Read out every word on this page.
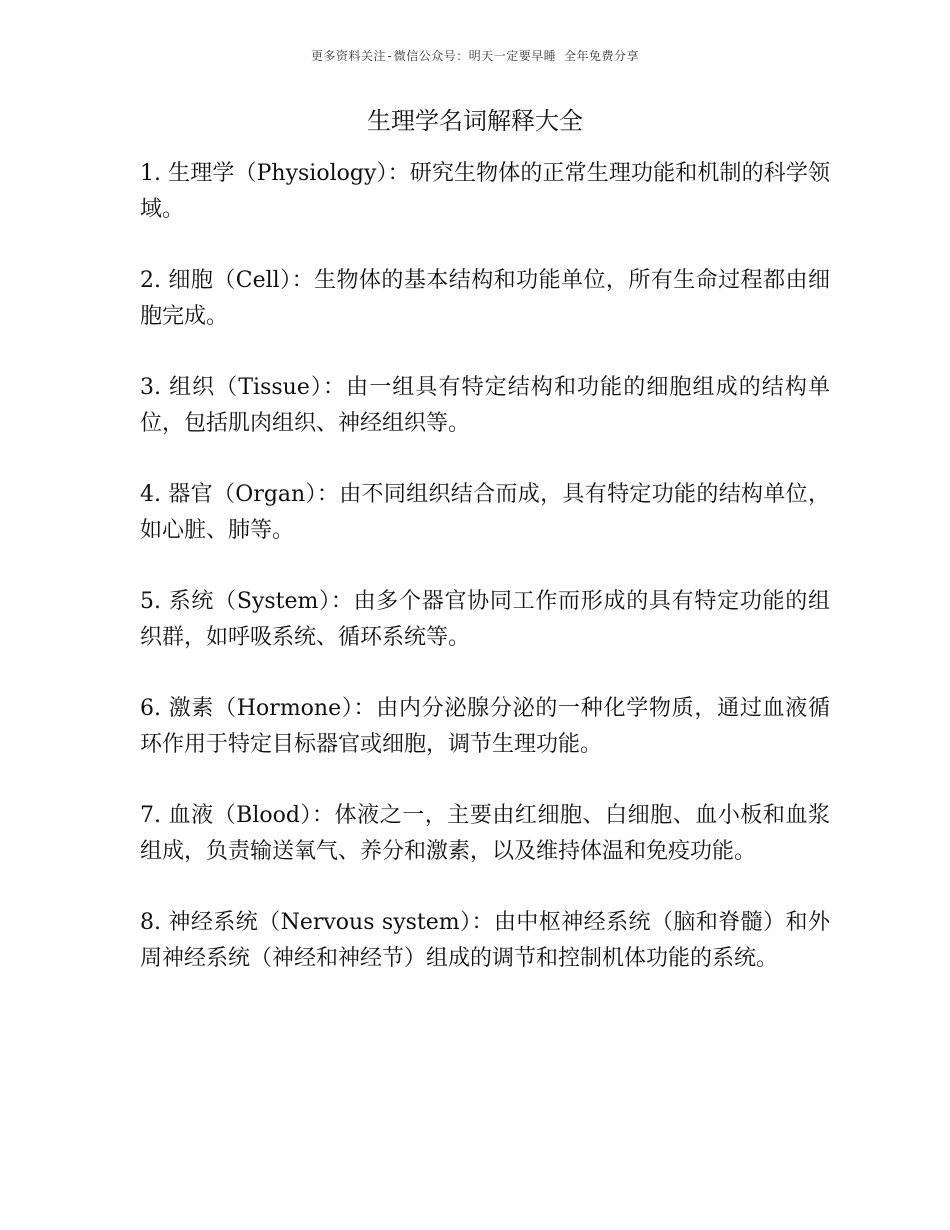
更多资料关注-微信公众号：明天一定要早睡 全年免费分享
生理学名词解释大全

1. 生理学（Physiology）：研究生物体的正常生理功能和机制的科学领域。

2. 细胞（Cell）：生物体的基本结构和功能单位，所有生命过程都由细胞完成。

3. 组织（Tissue）：由一组具有特定结构和功能的细胞组成的结构单位，包括肌肉组织、神经组织等。

4. 器官（Organ）：由不同组织结合而成，具有特定功能的结构单位，如心脏、肺等。

5. 系统（System）：由多个器官协同工作而形成的具有特定功能的组织群，如呼吸系统、循环系统等。

6. 激素（Hormone）：由内分泌腺分泌的一种化学物质，通过血液循环作用于特定目标器官或细胞，调节生理功能。

7. 血液（Blood）：体液之一，主要由红细胞、白细胞、血小板和血浆组成，负责输送氧气、养分和激素，以及维持体温和免疫功能。

8. 神经系统（Nervous system）：由中枢神经系统（脑和脊髓）和外周神经系统（神经和神经节）组成的调节和控制机体功能的系统。
